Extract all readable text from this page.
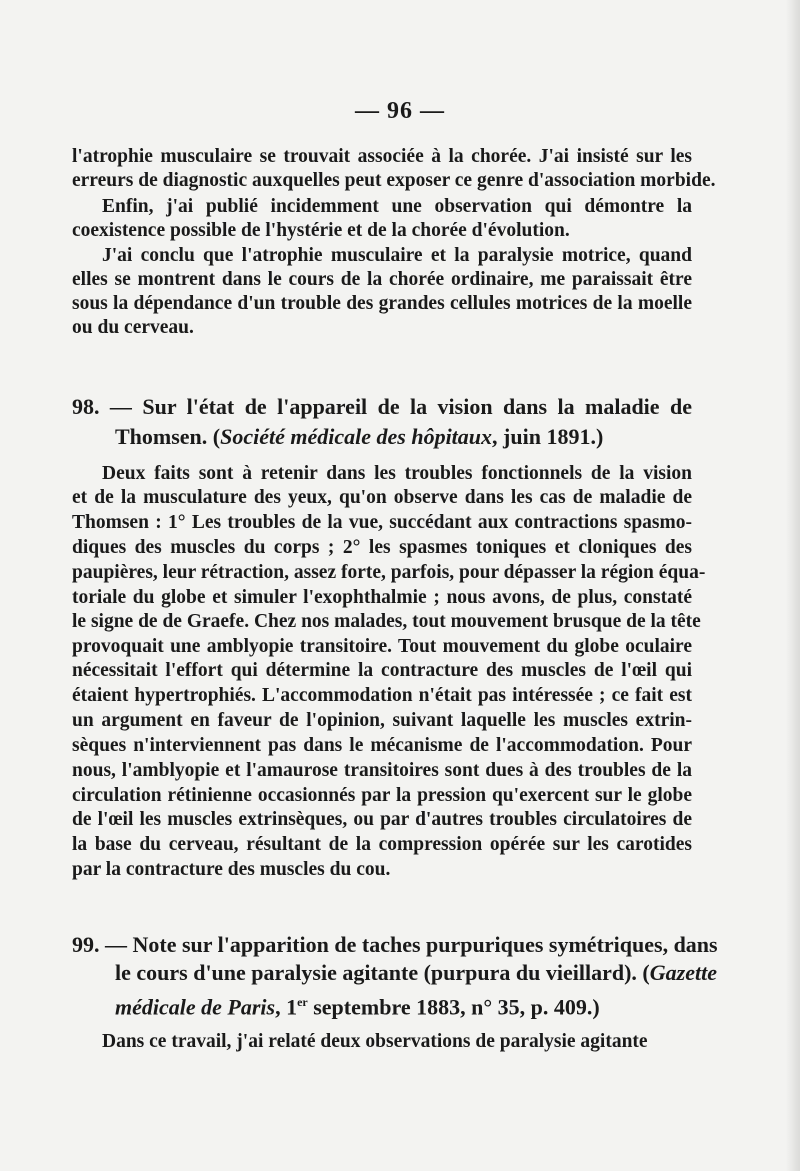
— 96 —
l'atrophie musculaire se trouvait associée à la chorée. J'ai insisté sur les
erreurs de diagnostic auxquelles peut exposer ce genre d'association morbide.
Enfin, j'ai publié incidemment une observation qui démontre la
coexistence possible de l'hystérie et de la chorée d'évolution.
J'ai conclu que l'atrophie musculaire et la paralysie motrice, quand
elles se montrent dans le cours de la chorée ordinaire, me paraissait être
sous la dépendance d'un trouble des grandes cellules motrices de la moelle
ou du cerveau.
98. — Sur l'état de l'appareil de la vision dans la maladie de
Thomsen. (Société médicale des hôpitaux, juin 1891.)
Deux faits sont à retenir dans les troubles fonctionnels de la vision
et de la musculature des yeux, qu'on observe dans les cas de maladie de
Thomsen : 1° Les troubles de la vue, succédant aux contractions spasmo-
diques des muscles du corps ; 2° les spasmes toniques et cloniques des
paupières, leur rétraction, assez forte, parfois, pour dépasser la région équa-
toriale du globe et simuler l'exophthalmie ; nous avons, de plus, constaté
le signe de de Graefe. Chez nos malades, tout mouvement brusque de la tête
provoquait une amblyopie transitoire. Tout mouvement du globe oculaire
nécessitait l'effort qui détermine la contracture des muscles de l'œil qui
étaient hypertrophiés. L'accommodation n'était pas intéressée ; ce fait est
un argument en faveur de l'opinion, suivant laquelle les muscles extrin-
sèques n'interviennent pas dans le mécanisme de l'accommodation. Pour
nous, l'amblyopie et l'amaurose transitoires sont dues à des troubles de la
circulation rétinienne occasionnés par la pression qu'exercent sur le globe
de l'œil les muscles extrinsèques, ou par d'autres troubles circulatoires de
la base du cerveau, résultant de la compression opérée sur les carotides
par la contracture des muscles du cou.
99. — Note sur l'apparition de taches purpuriques symétriques, dans
le cours d'une paralysie agitante (purpura du vieillard). (Gazette
médicale de Paris, 1er septembre 1883, n° 35, p. 409.)
Dans ce travail, j'ai relaté deux observations de paralysie agitante
